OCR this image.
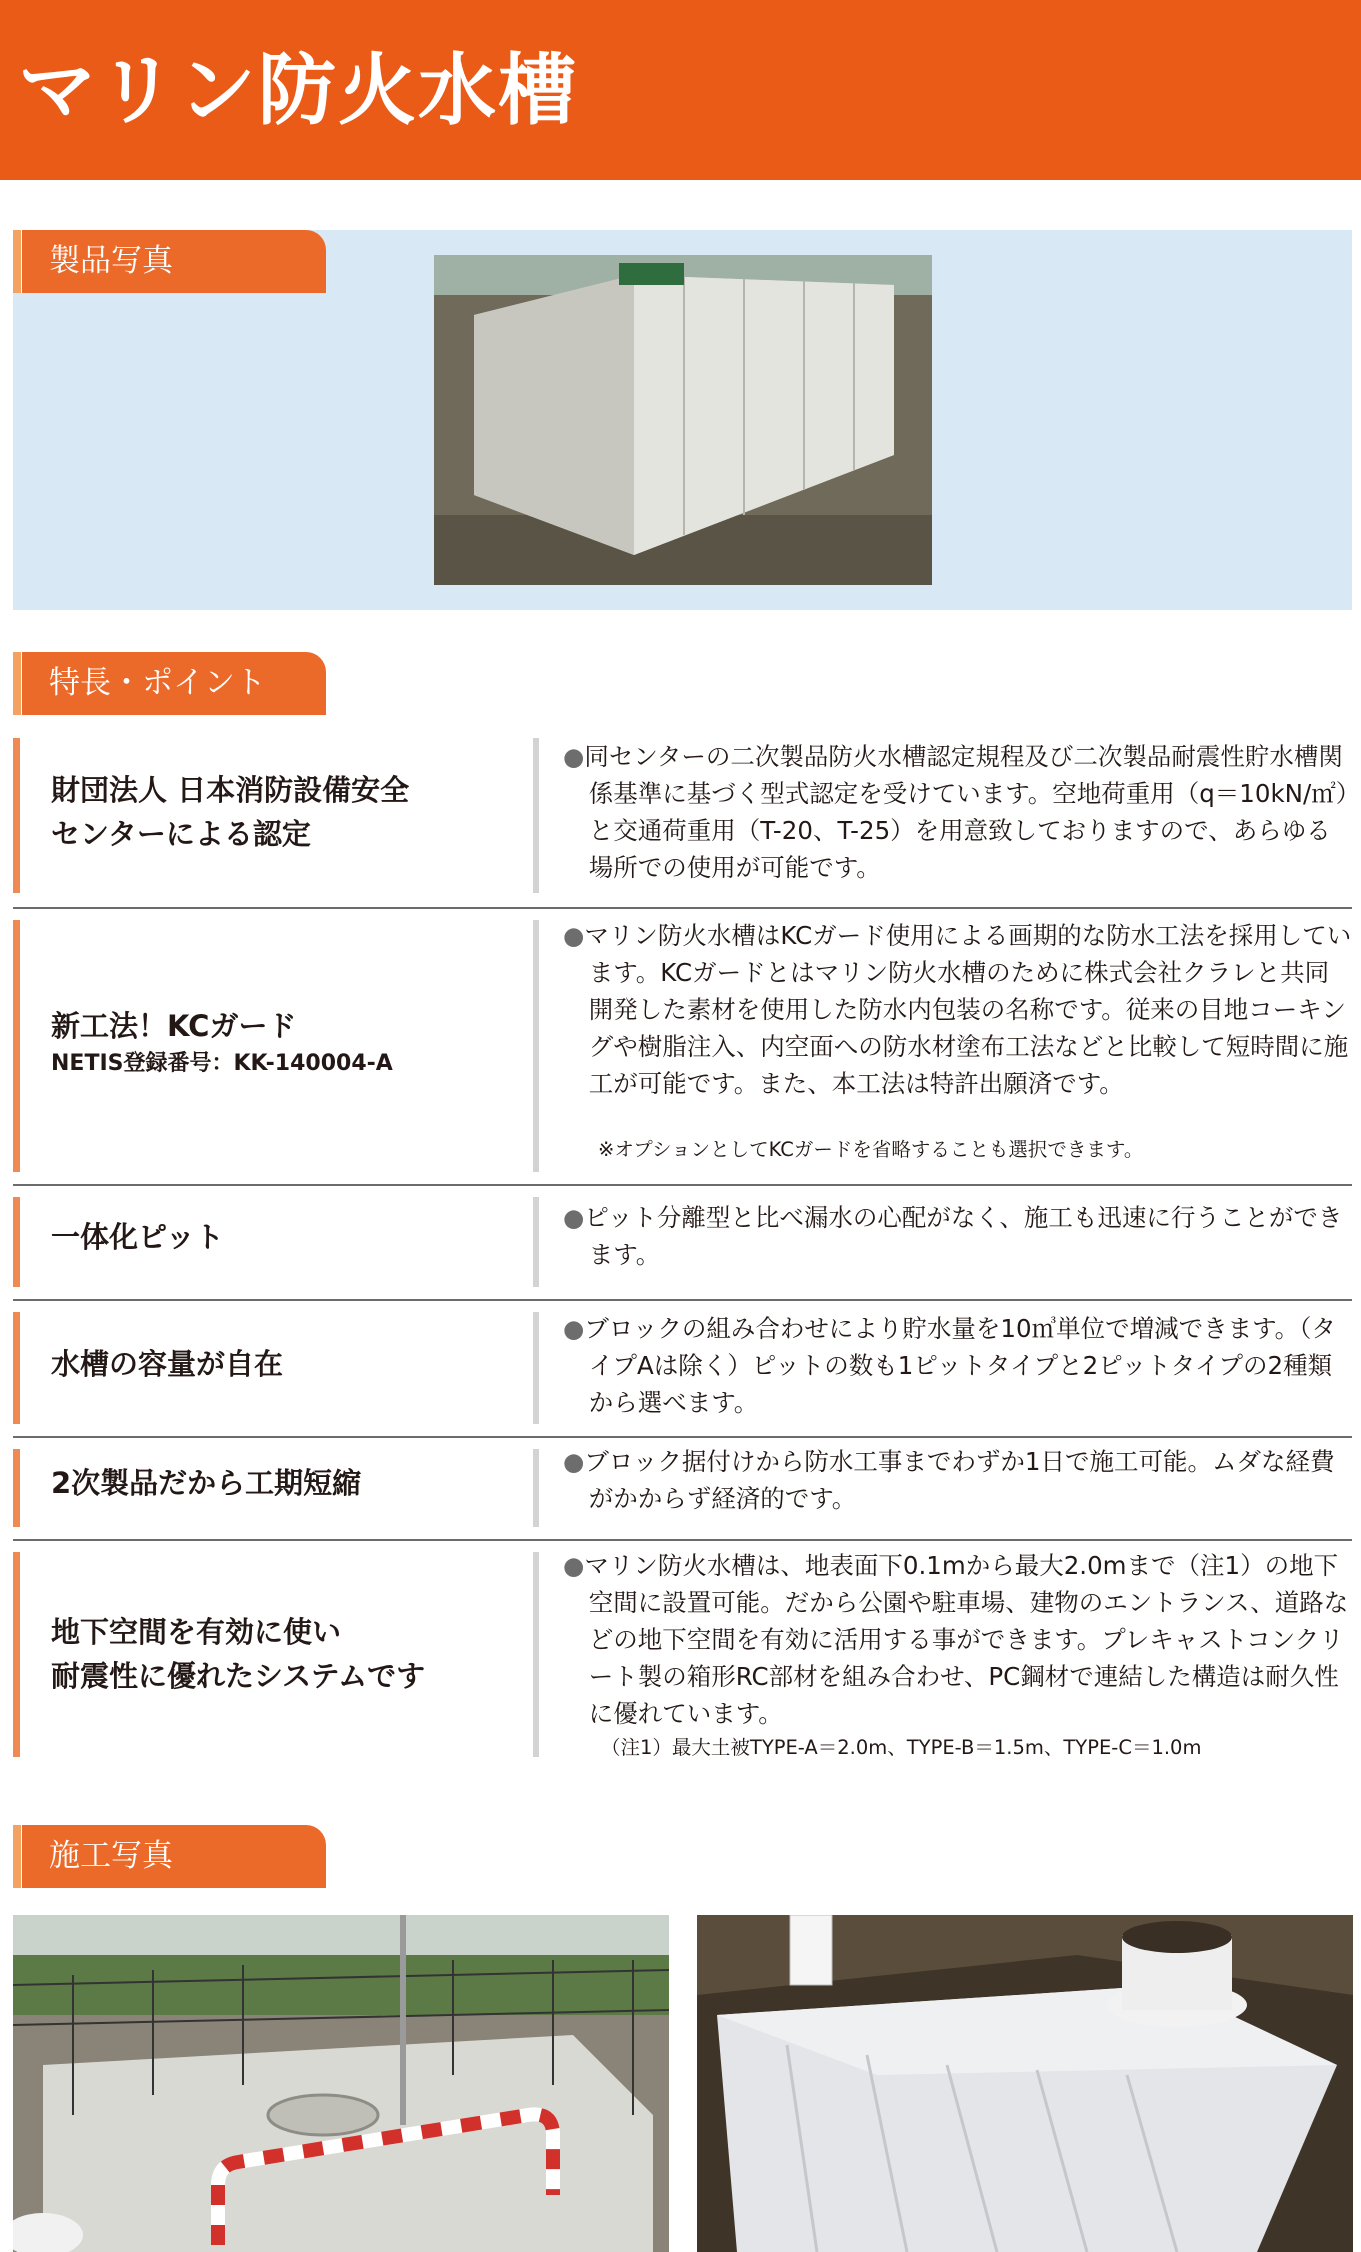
マリン防火水槽
製品写真
特長・ポイント
財団法人 日本消防設備安全
センターによる認定
●同センターの二次製品防火水槽認定規程及び二次製品耐震性貯水槽関係基準に基づく型式認定を受けています。空地荷重用（q＝10kN/㎡）と交通荷重用（T-20、T-25）を用意致しておりますので、あらゆる場所での使用が可能です。
新工法！KCガード
NETIS登録番号：KK-140004-A
●マリン防火水槽はKCガード使用による画期的な防水工法を採用しています。KCガードとはマリン防火水槽のために株式会社クラレと共同開発した素材を使用した防水内包装の名称です。従来の目地コーキングや樹脂注入、内空面への防水材塗布工法などと比較して短時間に施工が可能です。また、本工法は特許出願済です。
※オプションとしてKCガードを省略することも選択できます。
一体化ピット
●ピット分離型と比べ漏水の心配がなく、施工も迅速に行うことができます。
水槽の容量が自在
●ブロックの組み合わせにより貯水量を10㎥単位で増減できます。（タイプAは除く）ピットの数も1ピットタイプと2ピットタイプの2種類から選べます。
2次製品だから工期短縮
●ブロック据付けから防水工事までわずか1日で施工可能。ムダな経費がかからず経済的です。
地下空間を有効に使い
耐震性に優れたシステムです
●マリン防火水槽は、地表面下0.1mから最大2.0mまで（注1）の地下空間に設置可能。だから公園や駐車場、建物のエントランス、道路などの地下空間を有効に活用する事ができます。プレキャストコンクリート製の箱形RC部材を組み合わせ、PC鋼材で連結した構造は耐久性に優れています。
（注1）最大土被TYPE-A＝2.0m、TYPE-B＝1.5m、TYPE-C＝1.0m
施工写真
